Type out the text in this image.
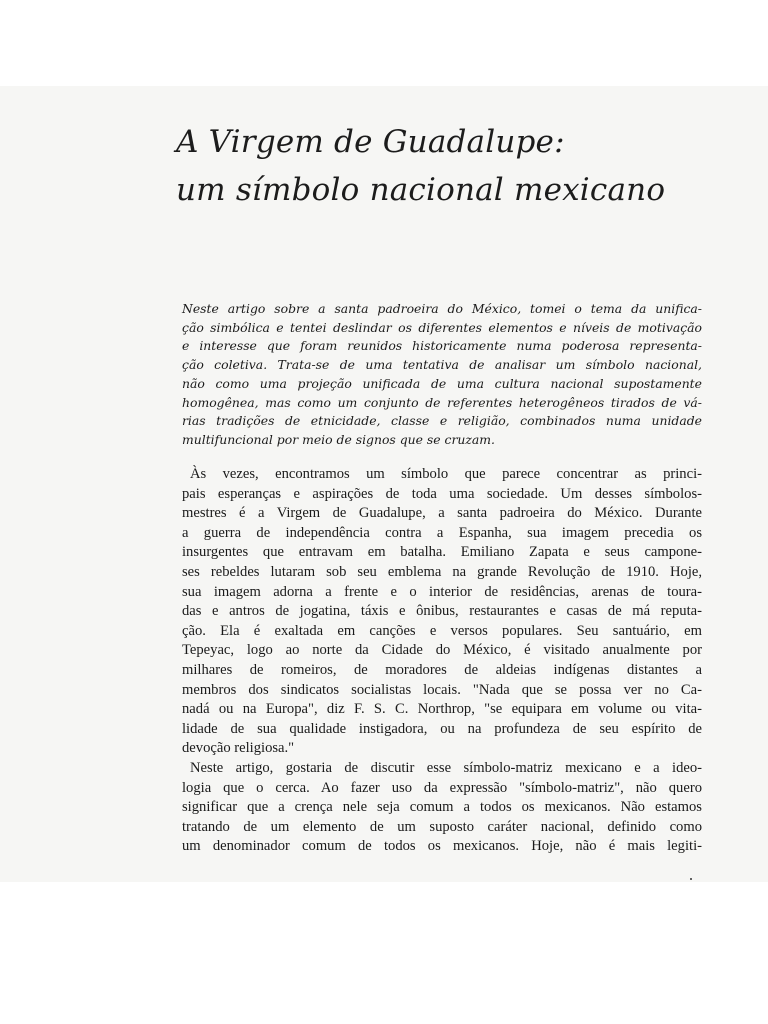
A Virgem de Guadalupe:
um símbolo nacional mexicano
Neste artigo sobre a santa padroeira do México, tomei o tema da unifica-
ção simbólica e tentei deslindar os diferentes elementos e níveis de motivação
e interesse que foram reunidos historicamente numa poderosa representa-
ção coletiva. Trata-se de uma tentativa de analisar um símbolo nacional,
não como uma projeção unificada de uma cultura nacional supostamente
homogênea, mas como um conjunto de referentes heterogêneos tirados de vá-
rias tradições de etnicidade, classe e religião, combinados numa unidade
multifuncional por meio de signos que se cruzam.
Às vezes, encontramos um símbolo que parece concentrar as princi-
pais esperanças e aspirações de toda uma sociedade. Um desses símbolos-
mestres é a Virgem de Guadalupe, a santa padroeira do México. Durante
a guerra de independência contra a Espanha, sua imagem precedia os
insurgentes que entravam em batalha. Emiliano Zapata e seus campone-
ses rebeldes lutaram sob seu emblema na grande Revolução de 1910. Hoje,
sua imagem adorna a frente e o interior de residências, arenas de toura-
das e antros de jogatina, táxis e ônibus, restaurantes e casas de má reputa-
ção. Ela é exaltada em canções e versos populares. Seu santuário, em
Tepeyac, logo ao norte da Cidade do México, é visitado anualmente por
milhares de romeiros, de moradores de aldeias indígenas distantes a
membros dos sindicatos socialistas locais. "Nada que se possa ver no Ca-
nadá ou na Europa", diz F. S. C. Northrop, "se equipara em volume ou vita-
lidade de sua qualidade instigadora, ou na profundeza de seu espírito de
devoção religiosa."
Neste artigo, gostaria de discutir esse símbolo-matriz mexicano e a ideo-
logia que o cerca. Ao fazer uso da expressão "símbolo-matriz", não quero
significar que a crença nele seja comum a todos os mexicanos. Não estamos
tratando de um elemento de um suposto caráter nacional, definido como
um denominador comum de todos os mexicanos. Hoje, não é mais legiti-
